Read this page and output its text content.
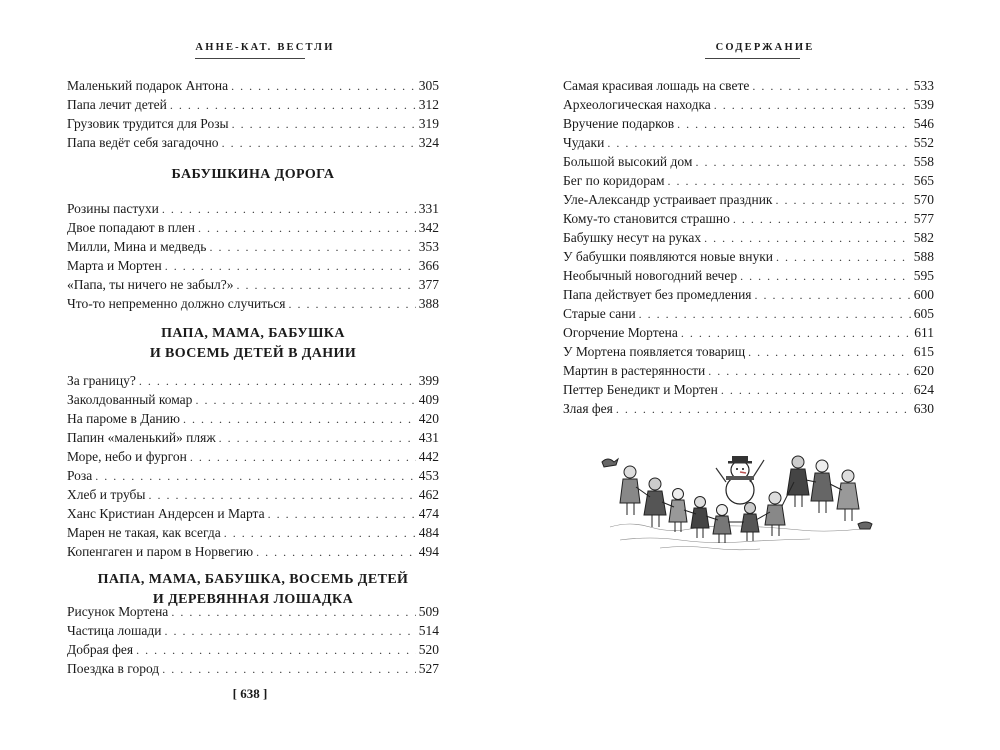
АННЕ-КАТ. ВЕСТЛИ
Маленький подарок Антона . . .	305
Папа лечит детей . . .	312
Грузовик трудится для Розы . . .	319
Папа ведёт себя загадочно . . .	324
БАБУШКИНА ДОРОГА
Розины пастухи . . .	331
Двое попадают в плен . . .	342
Милли, Мина и медведь . . .	353
Марта и Мортен . . .	366
«Папа, ты ничего не забыл?» . . .	377
Что-то непременно должно случиться . . .	388
ПАПА, МАМА, БАБУШКА
И ВОСЕМЬ ДЕТЕЙ В ДАНИИ
За границу? . . .	399
Заколдованный комар . . .	409
На пароме в Данию . . .	420
Папин «маленький» пляж . . .	431
Море, небо и фургон . . .	442
Роза . . .	453
Хлеб и трубы . . .	462
Ханс Кристиан Андерсен и Марта . . .	474
Марен не такая, как всегда . . .	484
Копенгаген и паром в Норвегию . . .	494
ПАПА, МАМА, БАБУШКА, ВОСЕМЬ ДЕТЕЙ
И ДЕРЕВЯННАЯ ЛОШАДКА
Рисунок Мортена . . .	509
Частица лошади . . .	514
Добрая фея . . .	520
Поездка в город . . .	527
[ 638 ]
СОДЕРЖАНИЕ
Самая красивая лошадь на свете . . .	533
Археологическая находка . . .	539
Вручение подарков . . .	546
Чудаки . . .	552
Большой высокий дом . . .	558
Бег по коридорам . . .	565
Уле-Александр устраивает праздник . . .	570
Кому-то становится страшно . . .	577
Бабушку несут на руках . . .	582
У бабушки появляются новые внуки . . .	588
Необычный новогодний вечер . . .	595
Папа действует без промедления . . .	600
Старые сани . . .	605
Огорчение Мортена . . .	611
У Мортена появляется товарищ . . .	615
Мартин в растерянности . . .	620
Петтер Бенедикт и Мортен . . .	624
Злая фея . . .	630
